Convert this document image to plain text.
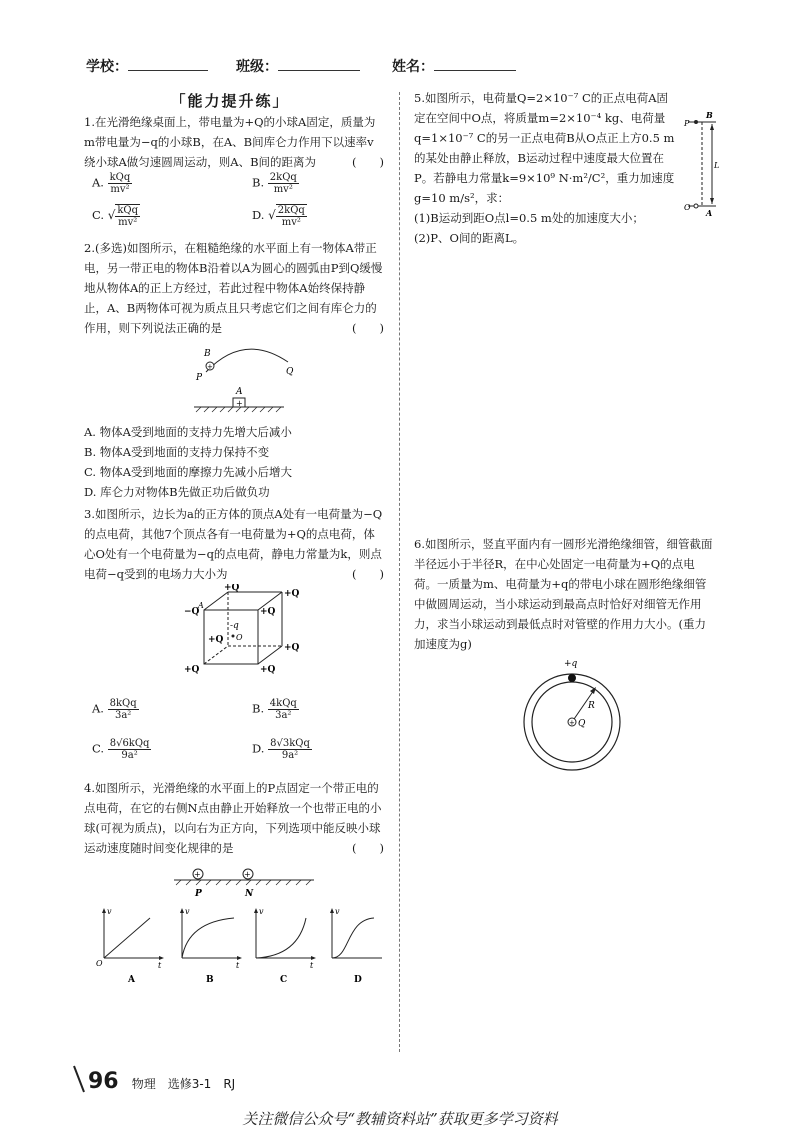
学校：	班级：	姓名：
「能力提升练」

1.在光滑绝缘桌面上，带电量为+Q的小球A固定，质量为m带电量为−q的小球B，在A、B间库仑力作用下以速率v绕小球A做匀速圆周运动，则A、B间的距离为	(　　)
A. $\frac{\text{kQq}}{\text{mv²}}$	B. $\frac{\text{2kQq}}{\text{mv²}}$
C. √ $\frac{\text{kQq}}{\text{mv²}}$	D. √ $\frac{\text{2kQq}}{\text{mv²}}$

2.(多选)如图所示，在粗糙绝缘的水平面上有一物体A带正电，另一带正电的物体B沿着以A为圆心的圆弧由P到Q缓慢地从物体A的正上方经过，若此过程中物体A始终保持静止，A、B两物体可视为质点且只考虑它们之间有库仑力的作用，则下列说法正确的是	(　　)
+
B
P
Q
A
+

A. 物体A受到地面的支持力先增大后减小

B. 物体A受到地面的支持力保持不变

C. 物体A受到地面的摩擦力先减小后增大

D. 库仑力对物体B先做正功后做负功

3.如图所示，边长为a的正方体的顶点A处有一电荷量为−Q的点电荷，其他7个顶点各有一电荷量为+Q的点电荷，体心O处有一个电荷量为−q的点电荷，静电力常量为k，则点电荷−q受到的电场力大小为	(　　)
+Q
+Q
+Q
−Q
A
-q
O
+Q
+Q
+Q	+Q
A. $\frac{\text{8kQq}}{\text{3a²}}$	B. $\frac{\text{4kQq}}{\text{3a²}}$
C. $\frac{\text{8√6kQq}}{\text{9a²}}$	D. $\frac{\text{8√3kQq}}{\text{9a²}}$

4.如图所示，光滑绝缘的水平面上的P点固定一个带正电的点电荷，在它的右侧N点由静止开始释放一个也带正电的小球(可视为质点)，以向右为正方向，下列选项中能反映小球运动速度随时间变化规律的是	(　　)
+	+
P	N
v
t
O
A
v
t
B
v
t
C
v
D

5.如图所示，电荷量Q=2×10⁻⁷ C的正点电荷A固定在空间中O点，将质量m=2×10⁻⁴ kg、电荷量q=1×10⁻⁷ C的另一正点电荷B从O点正上方0.5 m的某处由静止释放，B运动过程中速度最大位置在P。若静电力常量k=9×10⁹ N·m²/C²，重力加速度g=10 m/s²，求：

P
B
L
O
A

(1)B运动到距O点l=0.5 m处的加速度大小；

(2)P、O间的距离L。

6.如图所示，竖直平面内有一圆形光滑绝缘细管，细管截面半径远小于半径R，在中心处固定一电荷量为+Q的点电荷。一质量为m、电荷量为+q的带电小球在圆形绝缘细管中做圆周运动，当小球运动到最高点时恰好对细管无作用力，求当小球运动到最低点时对管壁的作用力大小。(重力加速度为g)

+q
R
+ Q
96 物理　选修3-1　RJ
关注微信公众号“教辅资料站”获取更多学习资料
